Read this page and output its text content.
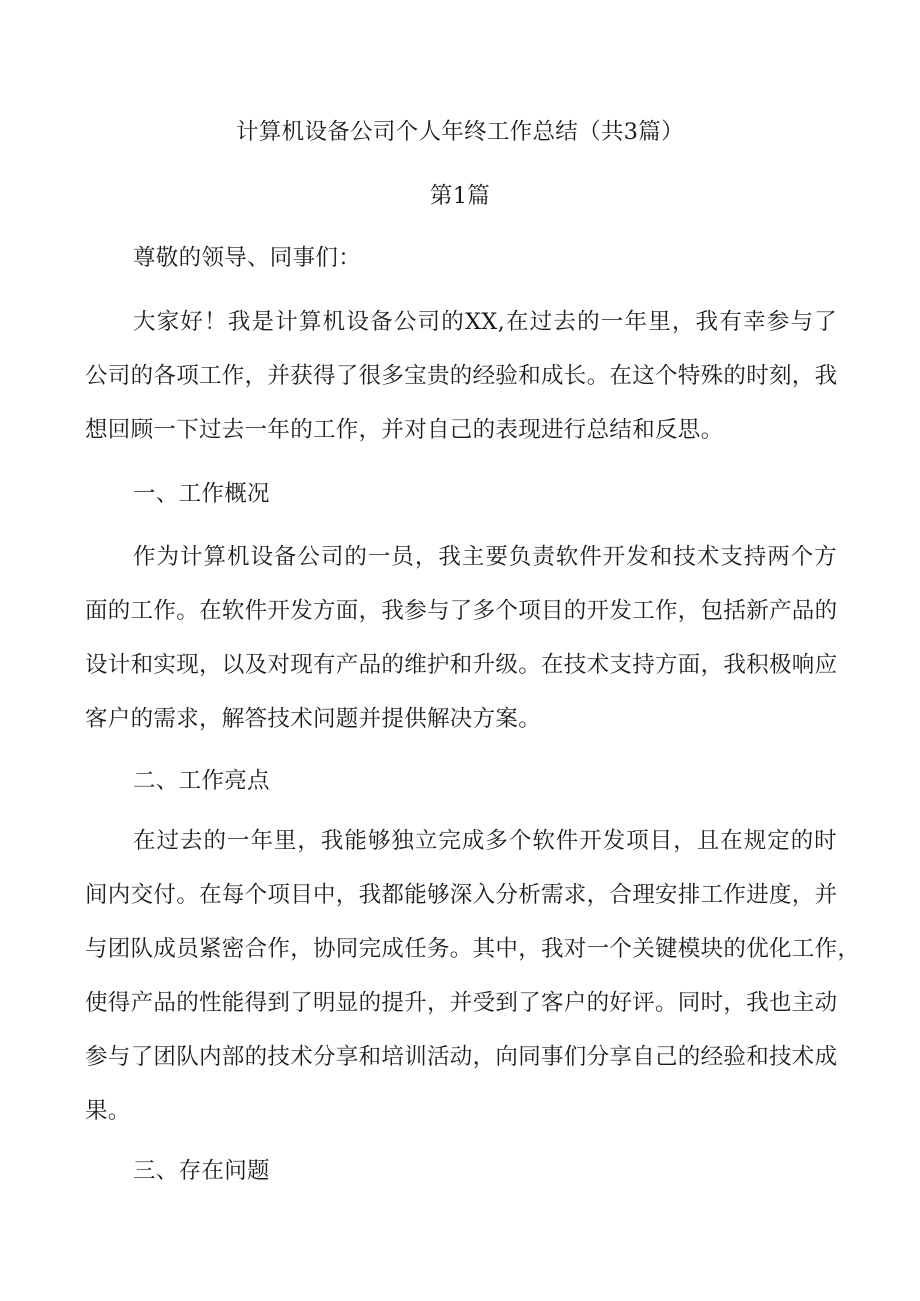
计算机设备公司个人年终工作总结（共3篇）
第1篇
尊敬的领导、同事们：
大家好！我是计算机设备公司的XX,在过去的一年里，我有幸参与了
公司的各项工作，并获得了很多宝贵的经验和成长。在这个特殊的时刻，我
想回顾一下过去一年的工作，并对自己的表现进行总结和反思。
一、工作概况
作为计算机设备公司的一员，我主要负责软件开发和技术支持两个方
面的工作。在软件开发方面，我参与了多个项目的开发工作，包括新产品的
设计和实现，以及对现有产品的维护和升级。在技术支持方面，我积极响应
客户的需求，解答技术问题并提供解决方案。
二、工作亮点
在过去的一年里，我能够独立完成多个软件开发项目，且在规定的时
间内交付。在每个项目中，我都能够深入分析需求，合理安排工作进度，并
与团队成员紧密合作，协同完成任务。其中，我对一个关键模块的优化工作，
使得产品的性能得到了明显的提升，并受到了客户的好评。同时，我也主动
参与了团队内部的技术分享和培训活动，向同事们分享自己的经验和技术成
果。
三、存在问题
